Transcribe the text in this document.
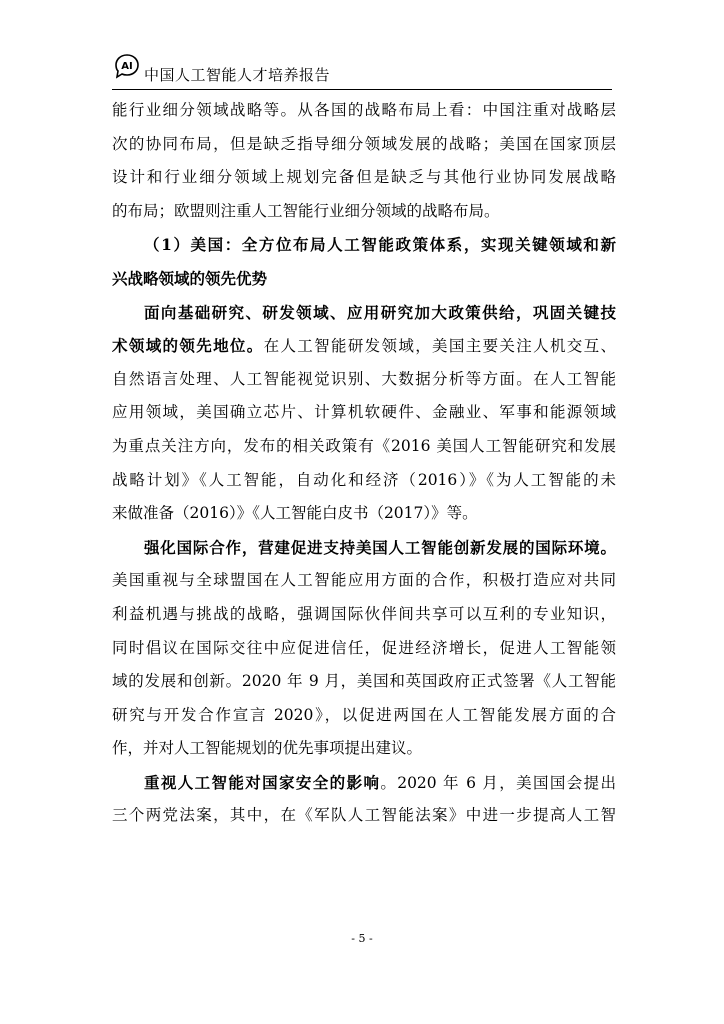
AI 中国人工智能人才培养报告
能行业细分领域战略等。从各国的战略布局上看：中国注重对战略层
次的协同布局，但是缺乏指导细分领域发展的战略；美国在国家顶层
设计和行业细分领域上规划完备但是缺乏与其他行业协同发展战略
的布局；欧盟则注重人工智能行业细分领域的战略布局。
（1）美国：全方位布局人工智能政策体系，实现关键领域和新
兴战略领域的领先优势
面向基础研究、研发领域、应用研究加大政策供给，巩固关键技
术领域的领先地位。在人工智能研发领域，美国主要关注人机交互、
自然语言处理、人工智能视觉识别、大数据分析等方面。在人工智能
应用领域，美国确立芯片、计算机软硬件、金融业、军事和能源领域
为重点关注方向，发布的相关政策有《2016 美国人工智能研究和发展
战略计划》《人工智能，自动化和经济（2016）》《为人工智能的未
来做准备（2016）》《人工智能白皮书（2017）》等。
强化国际合作，营建促进支持美国人工智能创新发展的国际环境。
美国重视与全球盟国在人工智能应用方面的合作，积极打造应对共同
利益机遇与挑战的战略，强调国际伙伴间共享可以互利的专业知识，
同时倡议在国际交往中应促进信任，促进经济增长，促进人工智能领
域的发展和创新。2020 年 9 月，美国和英国政府正式签署《人工智能
研究与开发合作宣言 2020》，以促进两国在人工智能发展方面的合
作，并对人工智能规划的优先事项提出建议。
重视人工智能对国家安全的影响。2020 年 6 月，美国国会提出
三个两党法案，其中，在《军队人工智能法案》中进一步提高人工智
- 5 -
